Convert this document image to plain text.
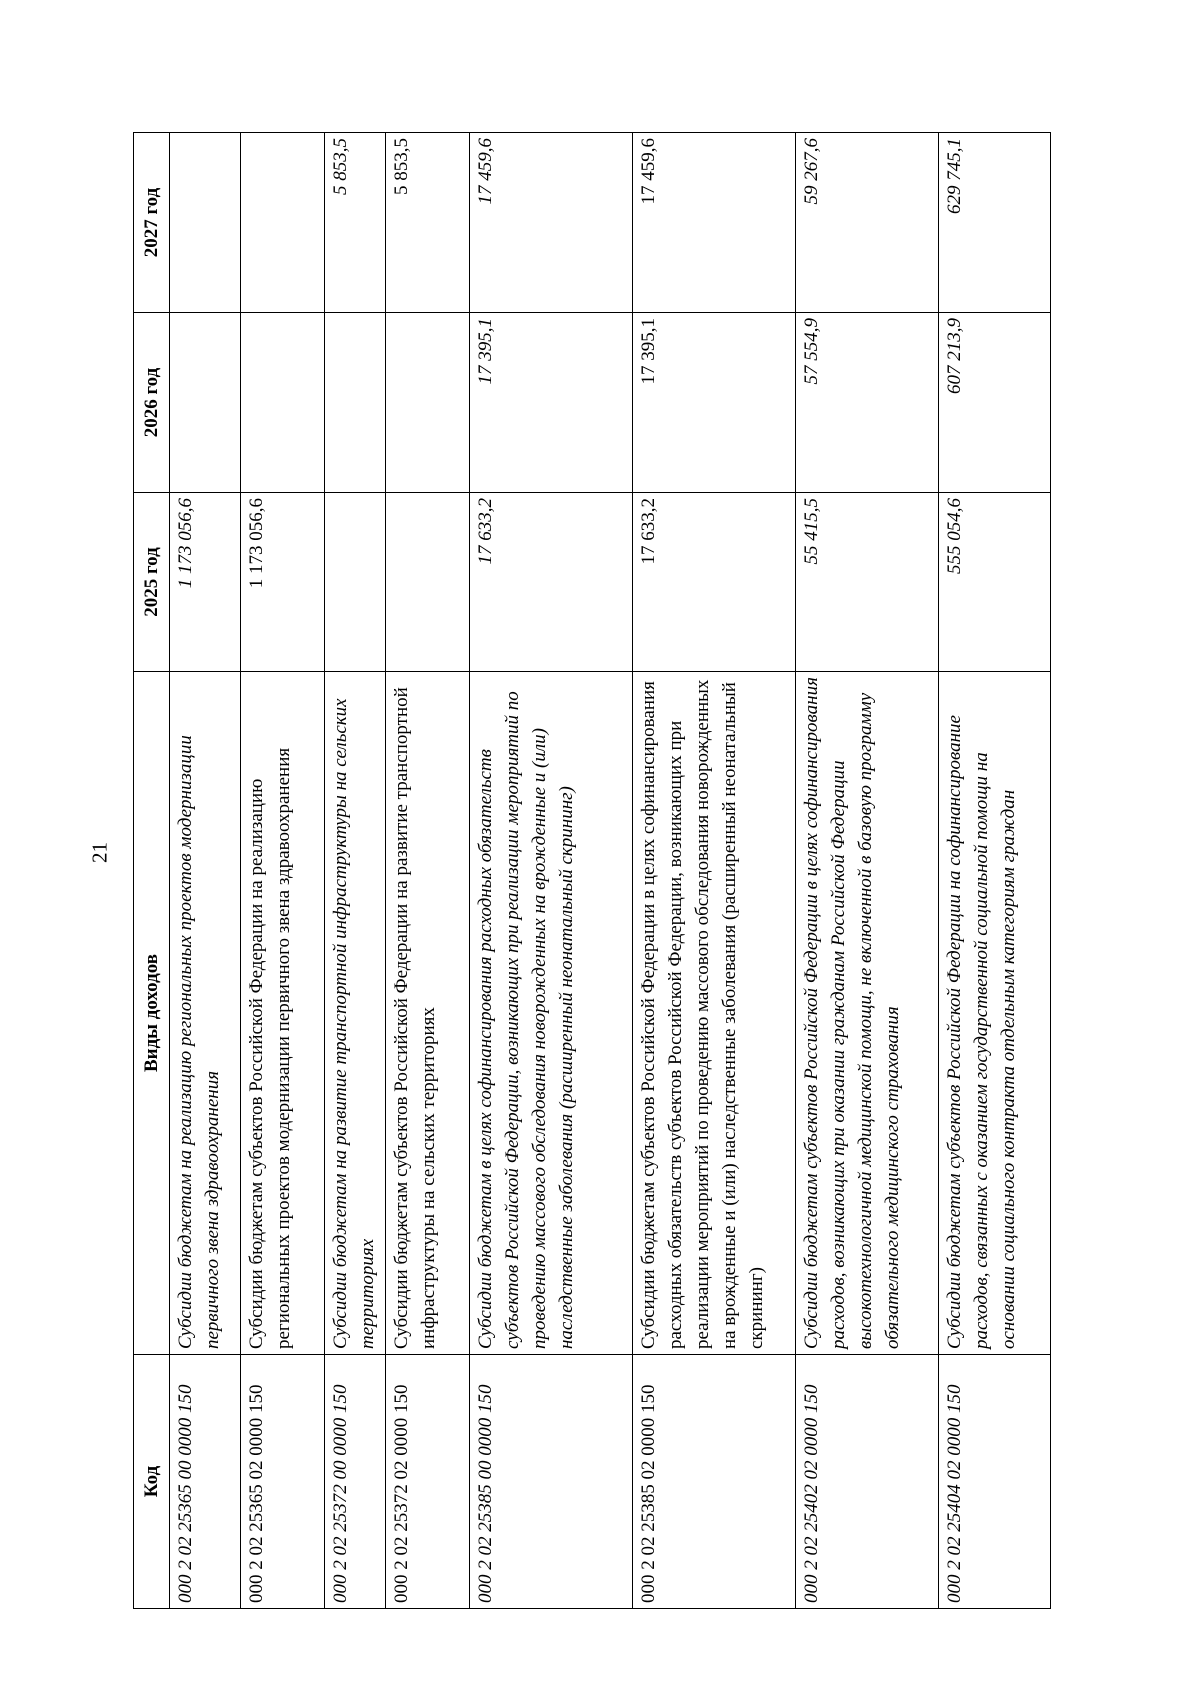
21
Код	Виды доходов	2025 год	2026 год	2027 год
000 2 02 25365 00 0000 150	Субсидии бюджетам на реализацию региональных проектов модернизации первичного звена здравоохранения	1 173 056,6		
000 2 02 25365 02 0000 150	Субсидии бюджетам субъектов Российской Федерации на реализацию региональных проектов модернизации первичного звена здравоохранения	1 173 056,6		
000 2 02 25372 00 0000 150	Субсидии бюджетам на развитие транспортной инфраструктуры на сельских территориях			5 853,5
000 2 02 25372 02 0000 150	Субсидии бюджетам субъектов Российской Федерации на развитие транспортной инфраструктуры на сельских территориях			5 853,5
000 2 02 25385 00 0000 150	Субсидии бюджетам в целях софинансирования расходных обязательств субъектов Российской Федерации, возникающих при реализации мероприятий по проведению массового обследования новорожденных на врожденные и (или) наследственные заболевания (расширенный неонатальный скрининг)	17 633,2	17 395,1	17 459,6
000 2 02 25385 02 0000 150	Субсидии бюджетам субъектов Российской Федерации в целях софинансирования расходных обязательств субъектов Российской Федерации, возникающих при реализации мероприятий по проведению массового обследования новорожденных на врожденные и (или) наследственные заболевания (расширенный неонатальный скрининг)	17 633,2	17 395,1	17 459,6
000 2 02 25402 02 0000 150	Субсидии бюджетам субъектов Российской Федерации в целях софинансирования расходов, возникающих при оказании гражданам Российской Федерации высокотехнологичной медицинской помощи, не включенной в базовую программу обязательного медицинского страхования	55 415,5	57 554,9	59 267,6
000 2 02 25404 02 0000 150	Субсидии бюджетам субъектов Российской Федерации на софинансирование расходов, связанных с оказанием государственной социальной помощи на основании социального контракта отдельным категориям граждан	555 054,6	607 213,9	629 745,1
